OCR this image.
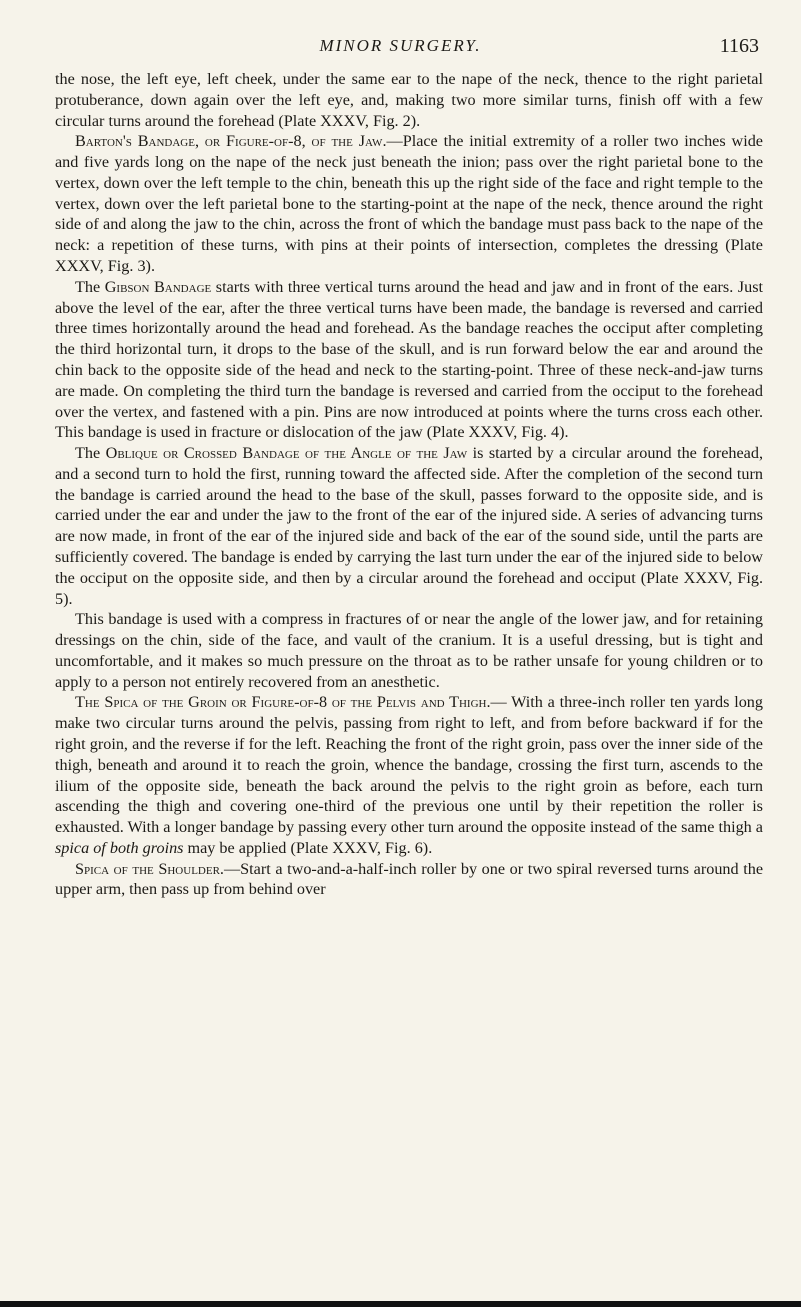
MINOR SURGERY.	1163

the nose, the left eye, left cheek, under the same ear to the nape of the neck, thence to the right parietal protuberance, down again over the left eye, and, making two more similar turns, finish off with a few circular turns around the forehead (Plate XXXV, Fig. 2).

Barton's Bandage, or Figure-of-8, of the Jaw.—Place the initial extremity of a roller two inches wide and five yards long on the nape of the neck just beneath the inion; pass over the right parietal bone to the vertex, down over the left temple to the chin, beneath this up the right side of the face and right temple to the vertex, down over the left parietal bone to the starting-point at the nape of the neck, thence around the right side of and along the jaw to the chin, across the front of which the bandage must pass back to the nape of the neck: a repetition of these turns, with pins at their points of intersection, completes the dressing (Plate XXXV, Fig. 3).

The Gibson Bandage starts with three vertical turns around the head and jaw and in front of the ears. Just above the level of the ear, after the three vertical turns have been made, the bandage is reversed and carried three times horizontally around the head and forehead. As the bandage reaches the occiput after completing the third horizontal turn, it drops to the base of the skull, and is run forward below the ear and around the chin back to the opposite side of the head and neck to the starting-point. Three of these neck-and-jaw turns are made. On completing the third turn the bandage is reversed and carried from the occiput to the forehead over the vertex, and fastened with a pin. Pins are now introduced at points where the turns cross each other. This bandage is used in fracture or dislocation of the jaw (Plate XXXV, Fig. 4).

The Oblique or Crossed Bandage of the Angle of the Jaw is started by a circular around the forehead, and a second turn to hold the first, running toward the affected side. After the completion of the second turn the bandage is carried around the head to the base of the skull, passes forward to the opposite side, and is carried under the ear and under the jaw to the front of the ear of the injured side. A series of advancing turns are now made, in front of the ear of the injured side and back of the ear of the sound side, until the parts are sufficiently covered. The bandage is ended by carrying the last turn under the ear of the injured side to below the occiput on the opposite side, and then by a circular around the forehead and occiput (Plate XXXV, Fig. 5).

This bandage is used with a compress in fractures of or near the angle of the lower jaw, and for retaining dressings on the chin, side of the face, and vault of the cranium. It is a useful dressing, but is tight and uncomfortable, and it makes so much pressure on the throat as to be rather unsafe for young children or to apply to a person not entirely recovered from an anesthetic.

The Spica of the Groin or Figure-of-8 of the Pelvis and Thigh.— With a three-inch roller ten yards long make two circular turns around the pelvis, passing from right to left, and from before backward if for the right groin, and the reverse if for the left. Reaching the front of the right groin, pass over the inner side of the thigh, beneath and around it to reach the groin, whence the bandage, crossing the first turn, ascends to the ilium of the opposite side, beneath the back around the pelvis to the right groin as before, each turn ascending the thigh and covering one-third of the previous one until by their repetition the roller is exhausted. With a longer bandage by passing every other turn around the opposite instead of the same thigh a spica of both groins may be applied (Plate XXXV, Fig. 6).

Spica of the Shoulder.—Start a two-and-a-half-inch roller by one or two spiral reversed turns around the upper arm, then pass up from behind over
